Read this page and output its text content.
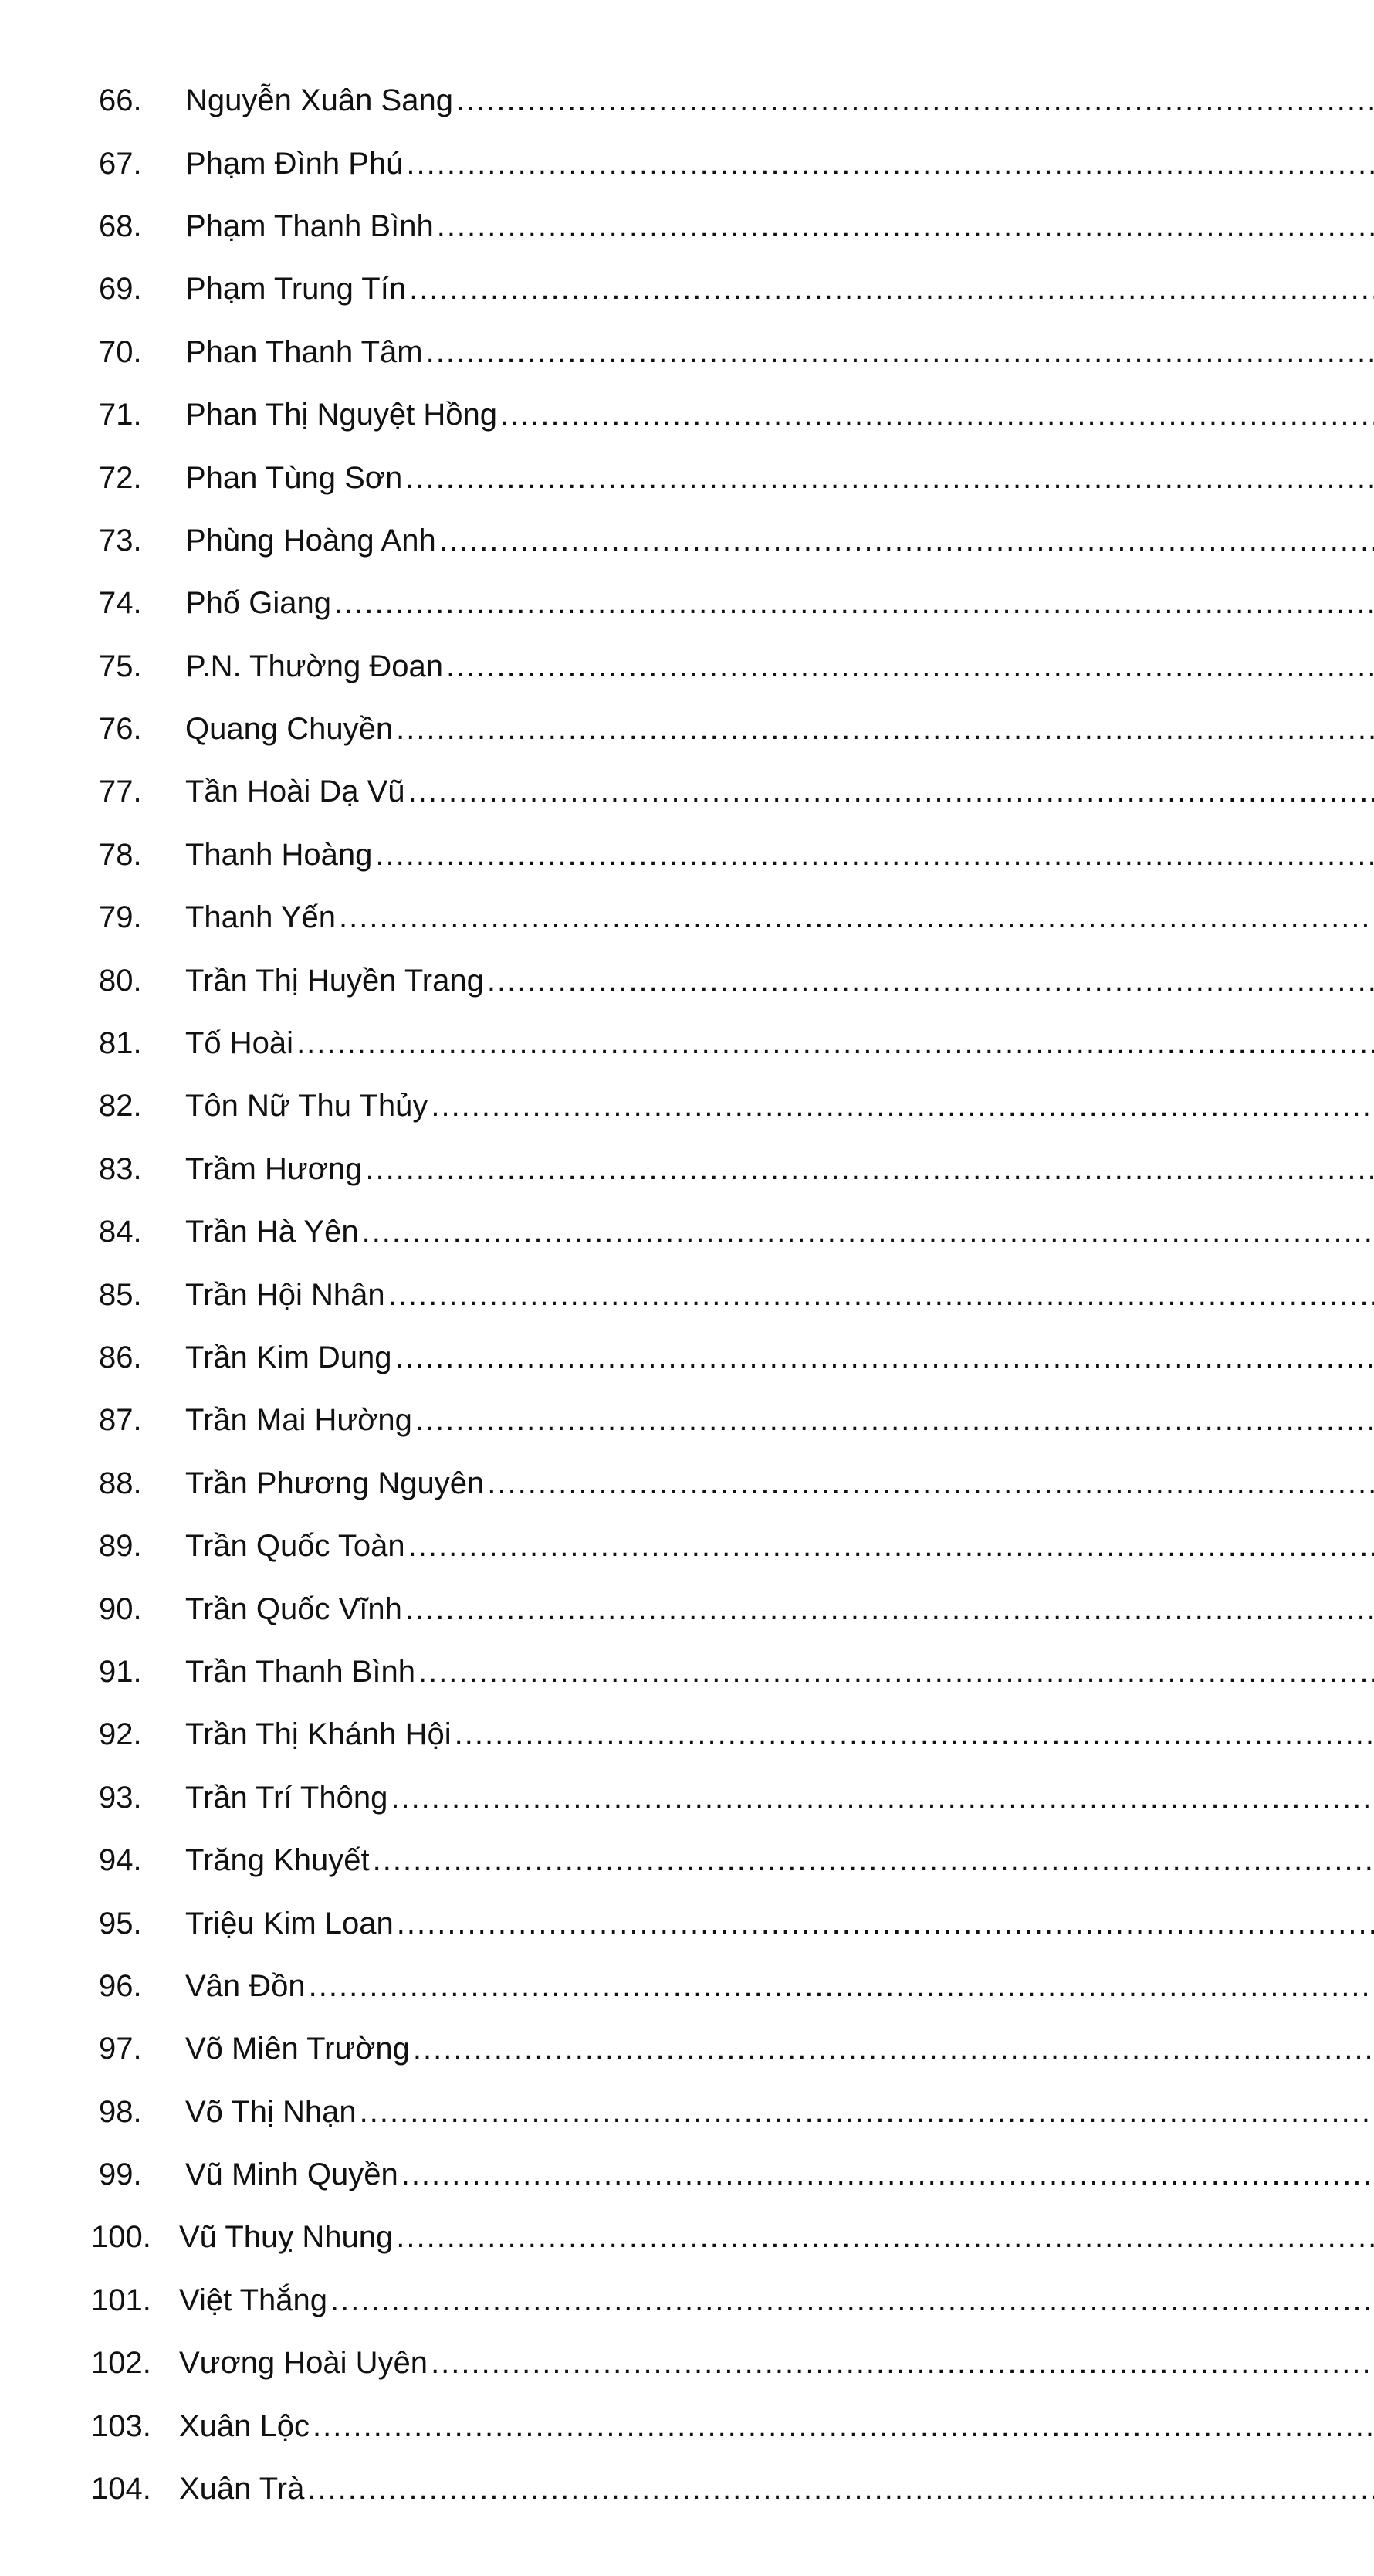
66.	Nguyễn Xuân Sang
.....
67.	Phạm Đình Phú
.....
68.	Phạm Thanh Bình
.....
69.	Phạm Trung Tín
.....
70.	Phan Thanh Tâm
.....
71.	Phan Thị Nguyệt Hồng
.....
72.	Phan Tùng Sơn
.....
73.	Phùng Hoàng Anh
.....
74.	Phố Giang
.....
75.	P.N. Thường Đoan
.....
76.	Quang Chuyền
.....
77.	Tần Hoài Dạ Vũ
.....
78.	Thanh Hoàng
.....
79.	Thanh Yến
.....
80.	Trần Thị Huyền Trang
.....
81.	Tố Hoài
.....
82.	Tôn Nữ Thu Thủy
.....
83.	Trầm Hương
.....
84.	Trần Hà Yên
.....
85.	Trần Hội Nhân
.....
86.	Trần Kim Dung
.....
87.	Trần Mai Hường
.....
88.	Trần Phương Nguyên
.....
89.	Trần Quốc Toàn
.....
90.	Trần Quốc Vĩnh
.....
91.	Trần Thanh Bình
.....
92.	Trần Thị Khánh Hội
.....
93.	Trần Trí Thông
.....
94.	Trăng Khuyết
.....
95.	Triệu Kim Loan
.....
96.	Vân Đồn
.....
97.	Võ Miên Trường
.....
98.	Võ Thị Nhạn
.....
99.	Vũ Minh Quyền
.....
100. Vũ Thuỵ Nhung
.....
101. Việt Thắng
.....
102. Vương Hoài Uyên
.....
103. Xuân Lộc
.....
104. Xuân Trà
.....
